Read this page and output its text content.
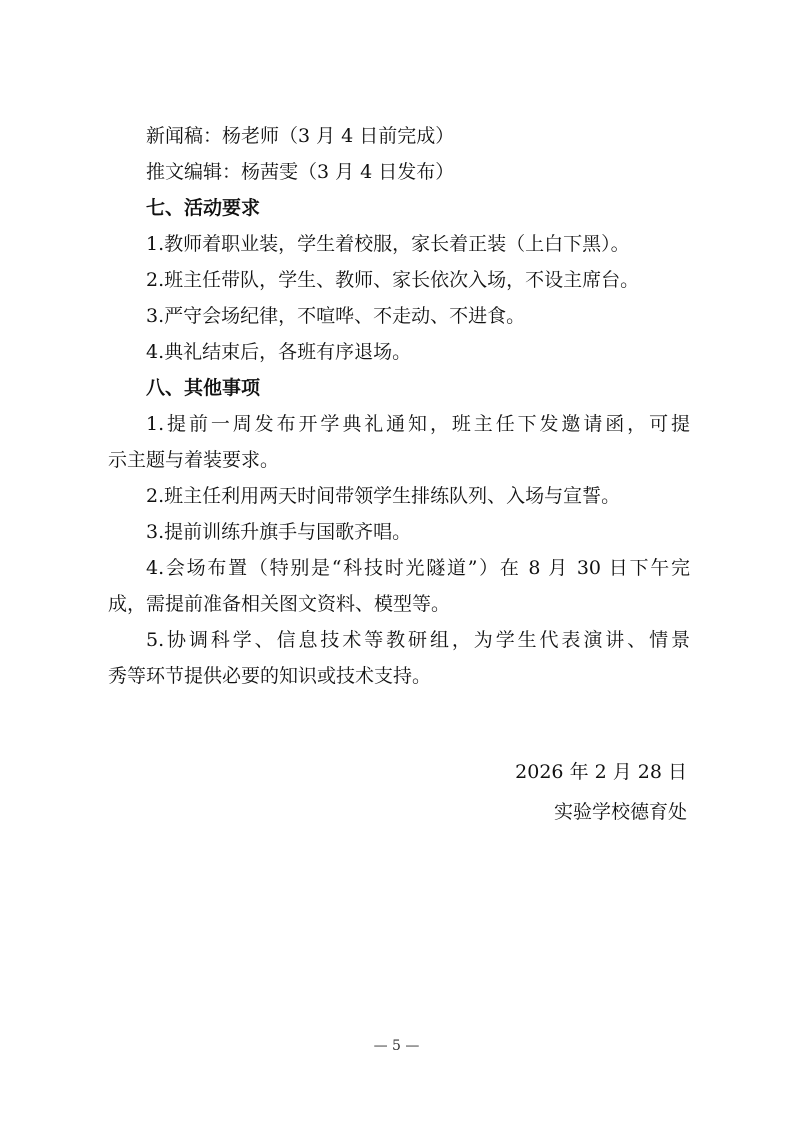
新闻稿：杨老师（3 月 4 日前完成）

推文编辑：杨茜雯（3 月 4 日发布）

七、活动要求

1.教师着职业装，学生着校服，家长着正装（上白下黑）。

2.班主任带队，学生、教师、家长依次入场，不设主席台。

3.严守会场纪律，不喧哗、不走动、不进食。

4.典礼结束后，各班有序退场。

八、其他事项

1.提前一周发布开学典礼通知，班主任下发邀请函，可提

示主题与着装要求。

2.班主任利用两天时间带领学生排练队列、入场与宣誓。

3.提前训练升旗手与国歌齐唱。

4.会场布置（特别是“科技时光隧道”）在 8 月 30 日下午完

成，需提前准备相关图文资料、模型等。

5.协调科学、信息技术等教研组，为学生代表演讲、情景

秀等环节提供必要的知识或技术支持。

2026 年 2 月 28 日

实验学校德育处

— 5 —
